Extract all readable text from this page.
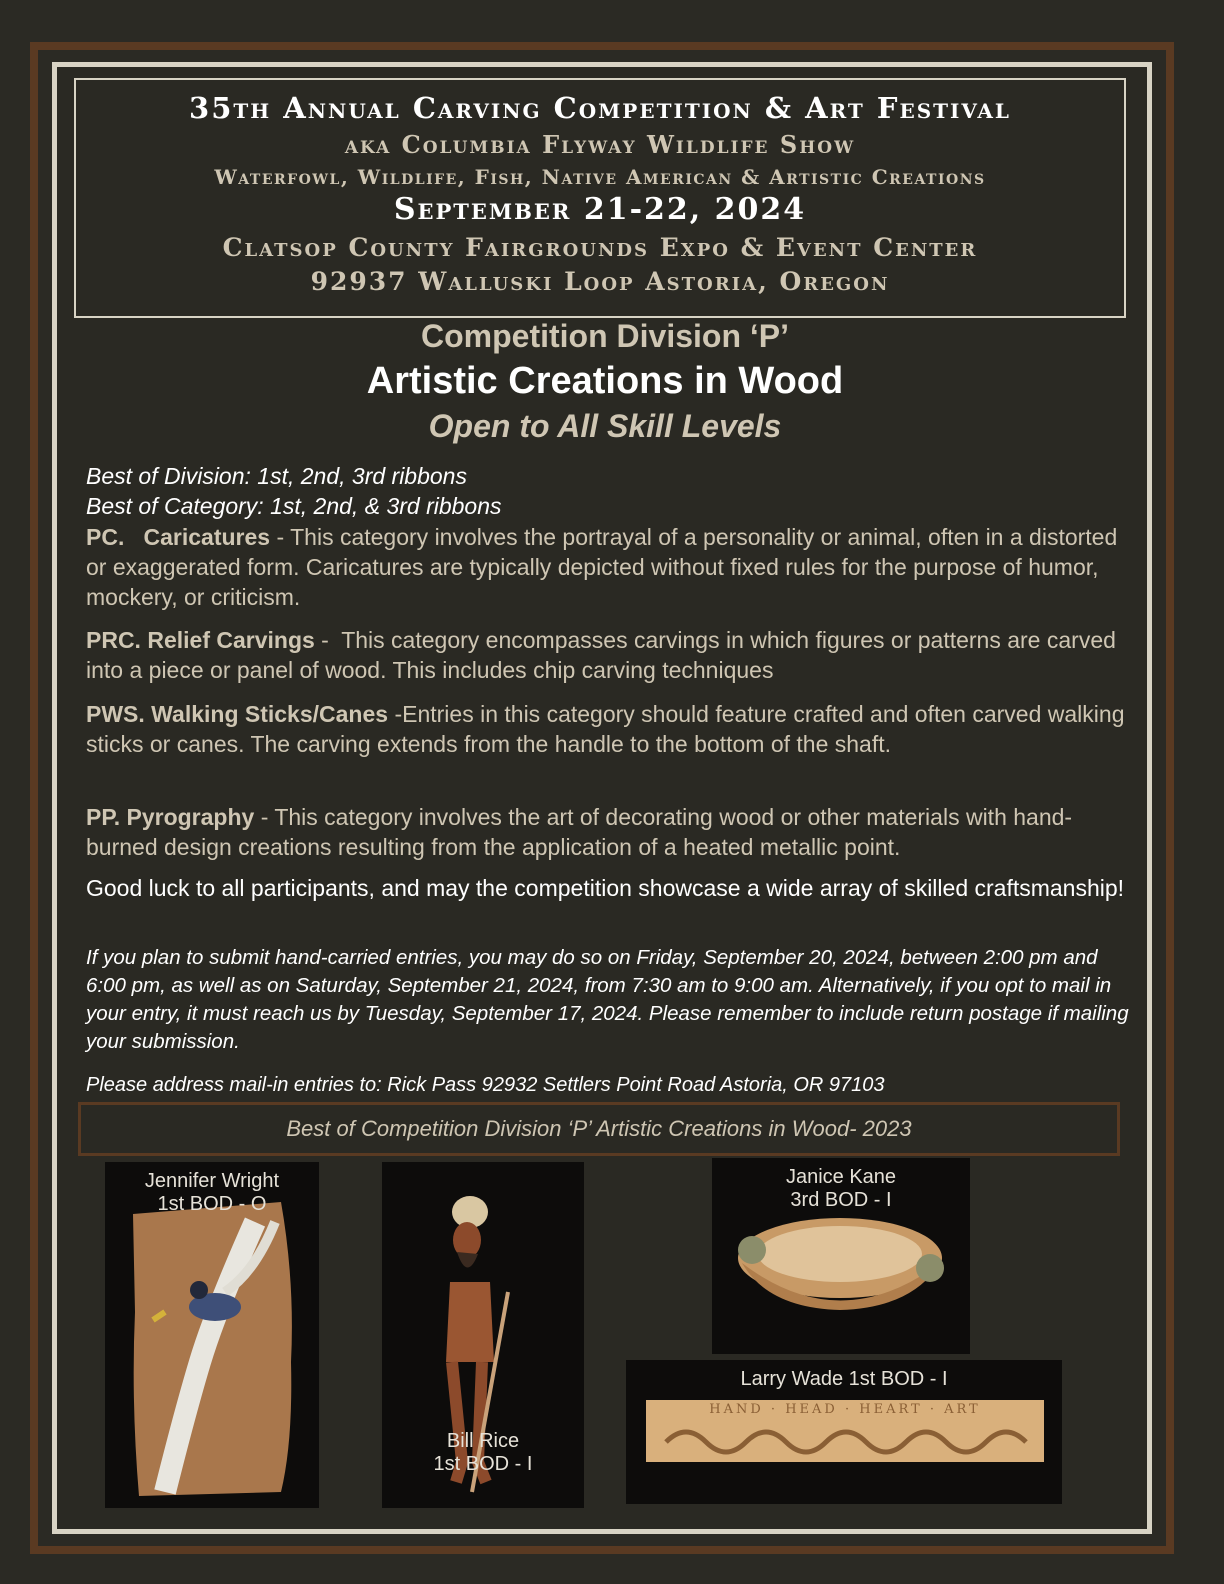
35th Annual Carving Competition & Art Festival

aka Columbia Flyway Wildlife Show

Waterfowl, Wildlife, Fish, Native American & Artistic Creations

September 21-22, 2024

Clatsop County Fairgrounds Expo & Event Center

92937 Walluski Loop Astoria, Oregon

Competition Division ‘P’

Artistic Creations in Wood

Open to All Skill Levels

Best of Division: 1st, 2nd, 3rd ribbons

Best of Category: 1st, 2nd, & 3rd ribbons

PC.   Caricatures - This category involves the portrayal of a personality or animal, often in a distorted or exaggerated form. Caricatures are typically depicted without fixed rules for the purpose of humor, mockery, or criticism.

PRC. Relief Carvings -  This category encompasses carvings in which figures or patterns are carved into a piece or panel of wood. This includes chip carving techniques

PWS. Walking Sticks/Canes -Entries in this category should feature crafted and often carved walking sticks or canes. The carving extends from the handle to the bottom of the shaft.

PP. Pyrography - This category involves the art of decorating wood or other materials with hand-burned design creations resulting from the application of a heated metallic point.

Good luck to all participants, and may the competition showcase a wide array of skilled craftsmanship!

If you plan to submit hand-carried entries, you may do so on Friday, September 20, 2024, between 2:00 pm and 6:00 pm, as well as on Saturday, September 21, 2024, from 7:30 am to 9:00 am. Alternatively, if you opt to mail in your entry, it must reach us by Tuesday, September 17, 2024. Please remember to include return postage if mailing your submission.

Please address mail-in entries to: Rick Pass 92932 Settlers Point Road Astoria, OR 97103

Best of Competition Division ‘P’ Artistic Creations in Wood- 2023
Jennifer Wright
1st BOD - O
Bill Rice
1st BOD - I
Janice Kane
3rd BOD - I
HAND · HEAD · HEART · ART
Larry Wade 1st BOD - I
